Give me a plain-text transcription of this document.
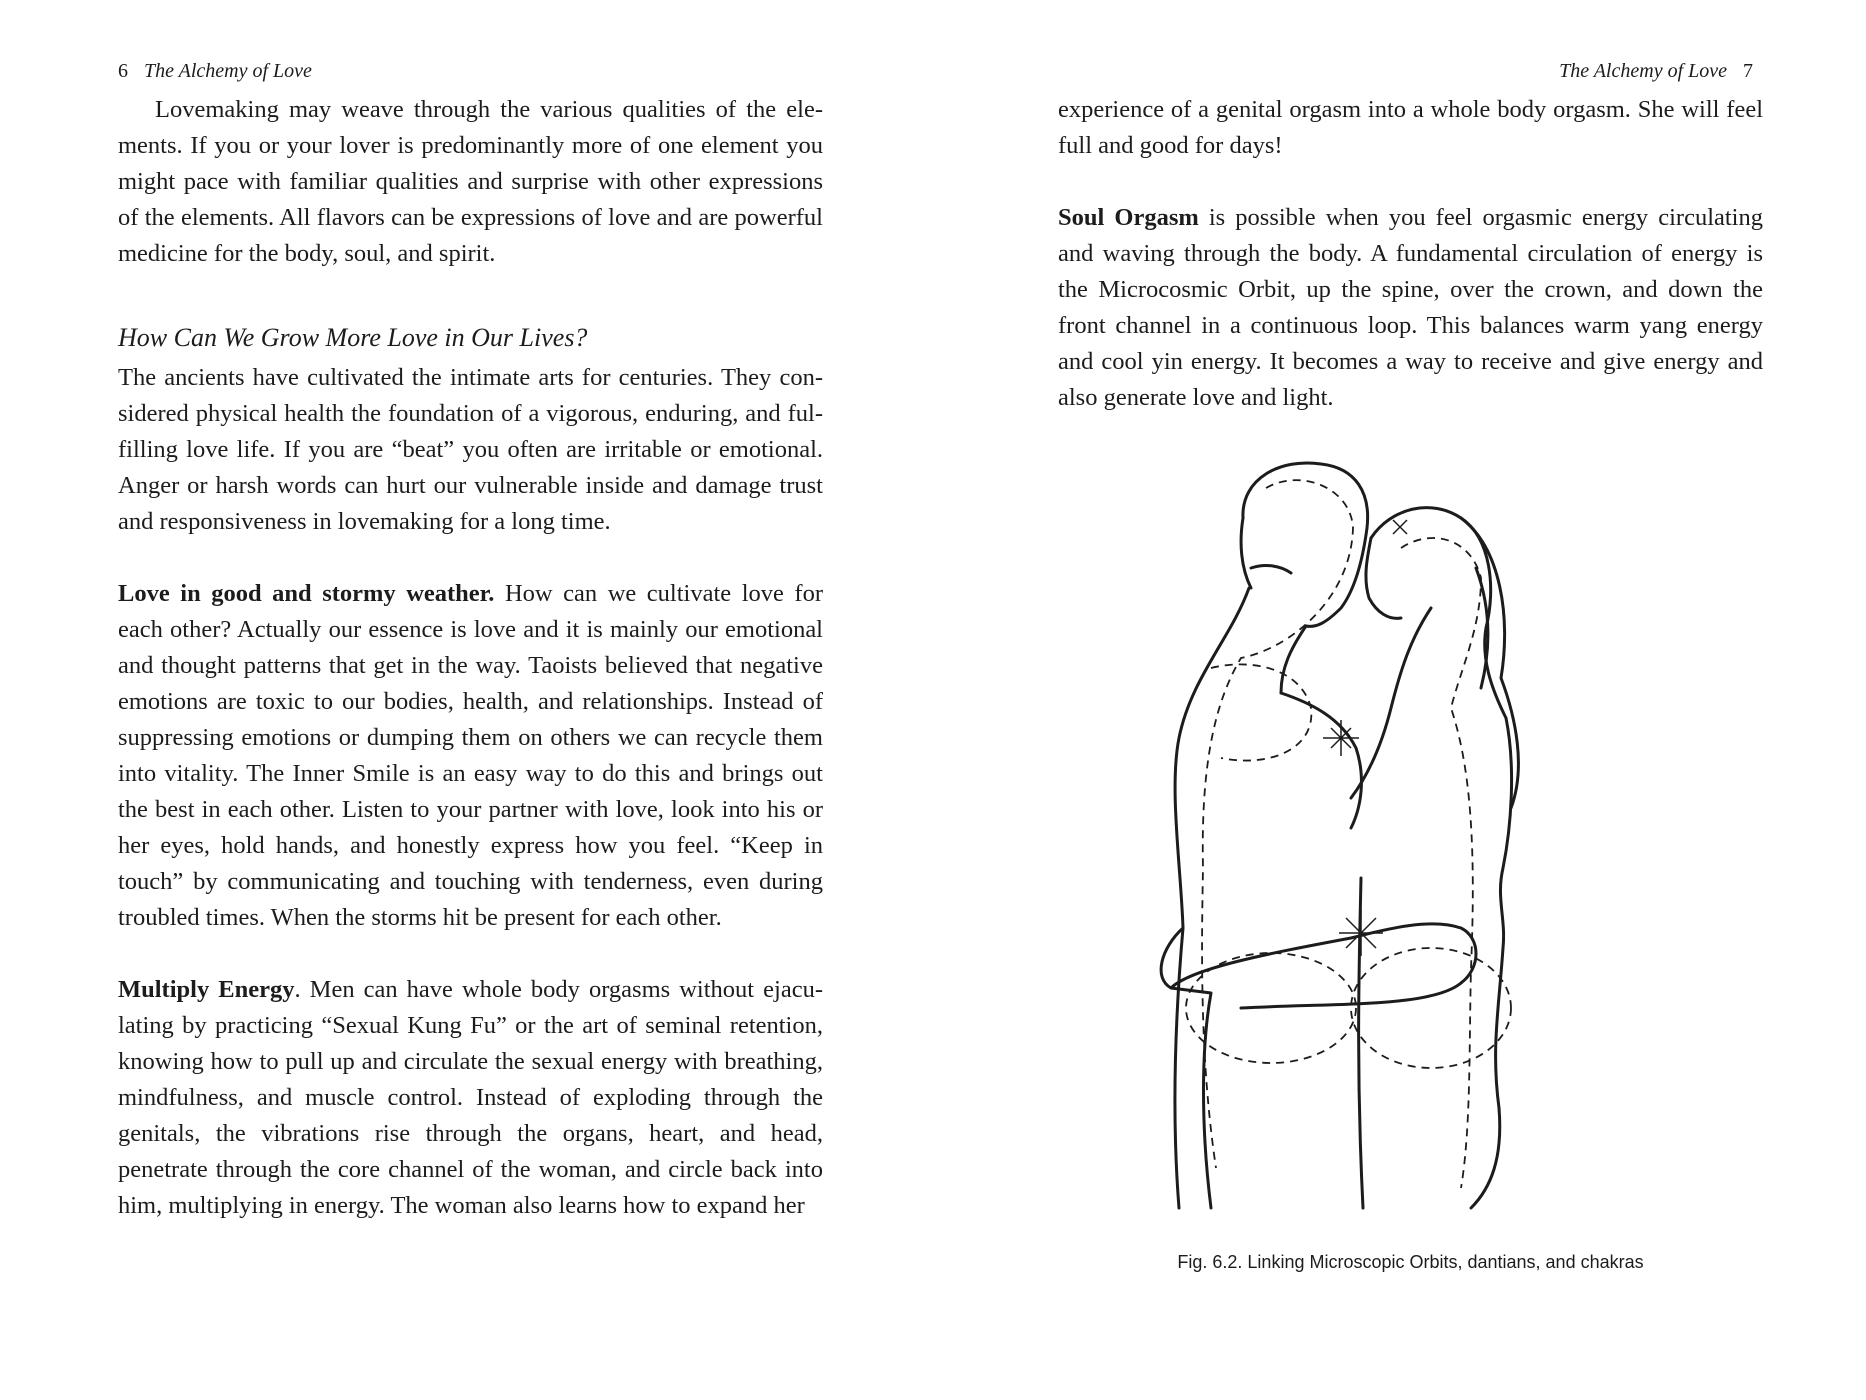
6 The Alchemy of Love

Lovemaking may weave through the various qualities of the elements. If you or your lover is predominantly more of one element you might pace with familiar qualities and surprise with other expressions of the elements. All flavors can be expressions of love and are powerful medicine for the body, soul, and spirit.

How Can We Grow More Love in Our Lives?

The ancients have cultivated the intimate arts for centuries. They considered physical health the foundation of a vigorous, enduring, and fulfilling love life. If you are “beat” you often are irritable or emotional. Anger or harsh words can hurt our vulnerable inside and damage trust and responsiveness in lovemaking for a long time.

Love in good and stormy weather. How can we cultivate love for each other? Actually our essence is love and it is mainly our emotional and thought patterns that get in the way. Taoists believed that negative emotions are toxic to our bodies, health, and relationships. Instead of suppressing emotions or dumping them on others we can recycle them into vitality. The Inner Smile is an easy way to do this and brings out the best in each other. Listen to your partner with love, look into his or her eyes, hold hands, and honestly express how you feel. “Keep in touch” by communicating and touching with tenderness, even during troubled times. When the storms hit be present for each other.

Multiply Energy. Men can have whole body orgasms without ejaculating by practicing “Sexual Kung Fu” or the art of seminal retention, knowing how to pull up and circulate the sexual energy with breathing, mindfulness, and muscle control. Instead of exploding through the genitals, the vibrations rise through the organs, heart, and head, penetrate through the core channel of the woman, and circle back into him, multiplying in energy. The woman also learns how to expand her

The Alchemy of Love 7

experience of a genital orgasm into a whole body orgasm. She will feel full and good for days!

Soul Orgasm is possible when you feel orgasmic energy circulating and waving through the body. A fundamental circulation of energy is the Microcosmic Orbit, up the spine, over the crown, and down the front channel in a continuous loop. This balances warm yang energy and cool yin energy. It becomes a way to receive and give energy and also generate love and light.

Fig. 6.2. Linking Microscopic Orbits, dantians, and chakras
